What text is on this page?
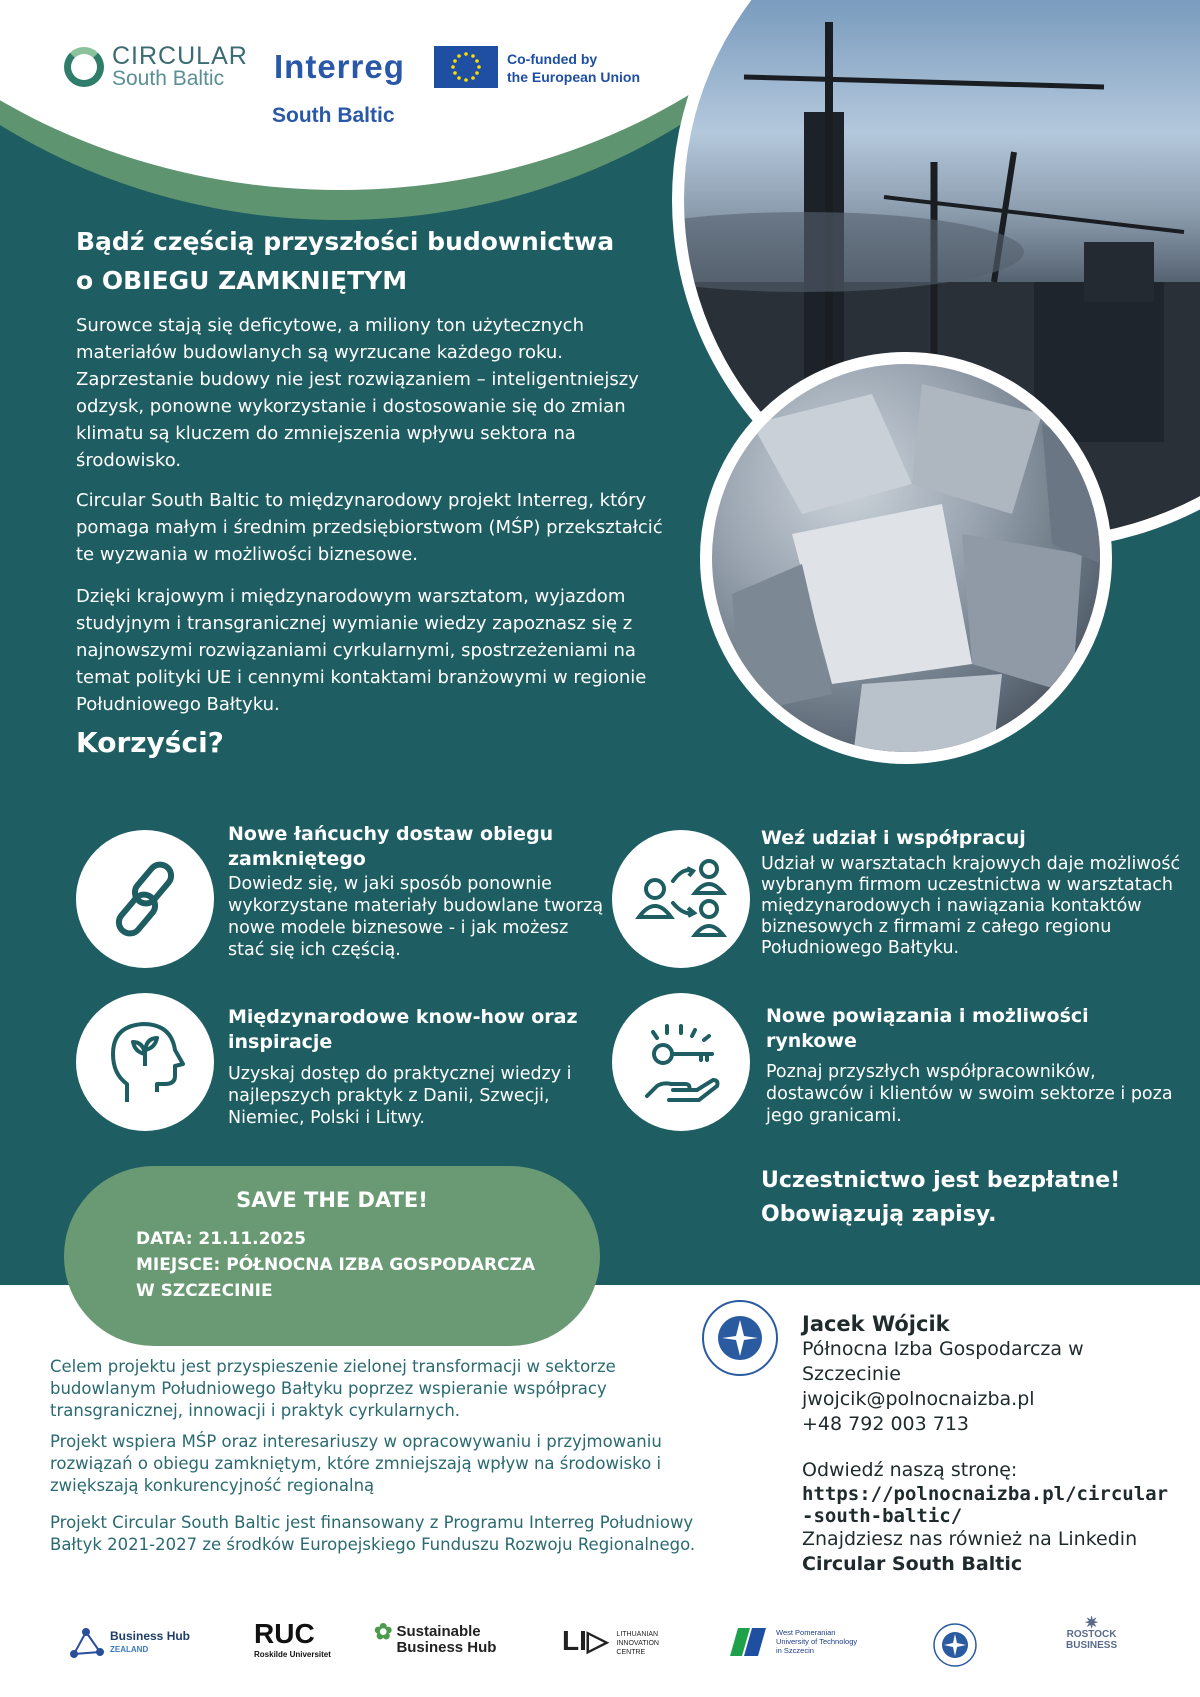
CIRCULAR
South Baltic	Interreg
South Baltic
Co-funded by
the European Union
Bądź częścią przyszłości budownictwa
o OBIEGU ZAMKNIĘTYM
Surowce stają się deficytowe, a miliony ton użytecznych materiałów budowlanych są wyrzucane każdego roku. Zaprzestanie budowy nie jest rozwiązaniem – inteligentniejszy odzysk, ponowne wykorzystanie i dostosowanie się do zmian klimatu są kluczem do zmniejszenia wpływu sektora na środowisko.
Circular South Baltic to międzynarodowy projekt Interreg, który pomaga małym i średnim przedsiębiorstwom (MŚP) przekształcić te wyzwania w możliwości biznesowe.
Dzięki krajowym i międzynarodowym warsztatom, wyjazdom studyjnym i transgranicznej wymianie wiedzy zapoznasz się z najnowszymi rozwiązaniami cyrkularnymi, spostrzeżeniami na temat polityki UE i cennymi kontaktami branżowymi w regionie Południowego Bałtyku.
Korzyści?
Nowe łańcuchy dostaw obiegu zamkniętego
Dowiedz się, w jaki sposób ponownie wykorzystane materiały budowlane tworzą nowe modele biznesowe - i jak możesz stać się ich częścią.
Weź udział i współpracuj
Udział w warsztatach krajowych daje możliwość wybranym firmom uczestnictwa w warsztatach międzynarodowych i nawiązania kontaktów biznesowych z firmami z całego regionu Południowego Bałtyku.
Międzynarodowe know-how oraz inspiracje
Uzyskaj dostęp do praktycznej wiedzy i najlepszych praktyk z Danii, Szwecji, Niemiec, Polski i Litwy.
Nowe powiązania i możliwości rynkowe
Poznaj przyszłych współpracowników, dostawców i klientów w swoim sektorze i poza jego granicami.
Uczestnictwo jest bezpłatne!
Obowiązują zapisy.
SAVE THE DATE!
DATA: 21.11.2025
MIEJSCE: PÓŁNOCNA IZBA GOSPODARCZA W SZCZECINIE
Celem projektu jest przyspieszenie zielonej transformacji w sektorze budowlanym Południowego Bałtyku poprzez wspieranie współpracy transgranicznej, innowacji i praktyk cyrkularnych.
Projekt wspiera MŚP oraz interesariuszy w opracowywaniu i przyjmowaniu rozwiązań o obiegu zamkniętym, które zmniejszają wpływ na środowisko i zwiększają konkurencyjność regionalną
Projekt Circular South Baltic jest finansowany z Programu Interreg Południowy Bałtyk 2021-2027 ze środków Europejskiego Funduszu Rozwoju Regionalnego.
Jacek Wójcik
Północna Izba Gospodarcza w
Szczecinie
jwojcik@polnocnaizba.pl
+48 792 003 713
Odwiedź naszą stronę:
https://polnocnaizba.pl/circular
-south-baltic/
Znajdziesz nas również na Linkedin
Circular South Baltic
Business Hub
ZEALAND
RUC
Roskilde Universitet
✿ Sustainable
Business Hub LI▷ LITHUANIAN
INNOVATION
CENTRE
West Pomeranian
University of Technology
in Szczecin
✷
ROSTOCK
BUSINESS
